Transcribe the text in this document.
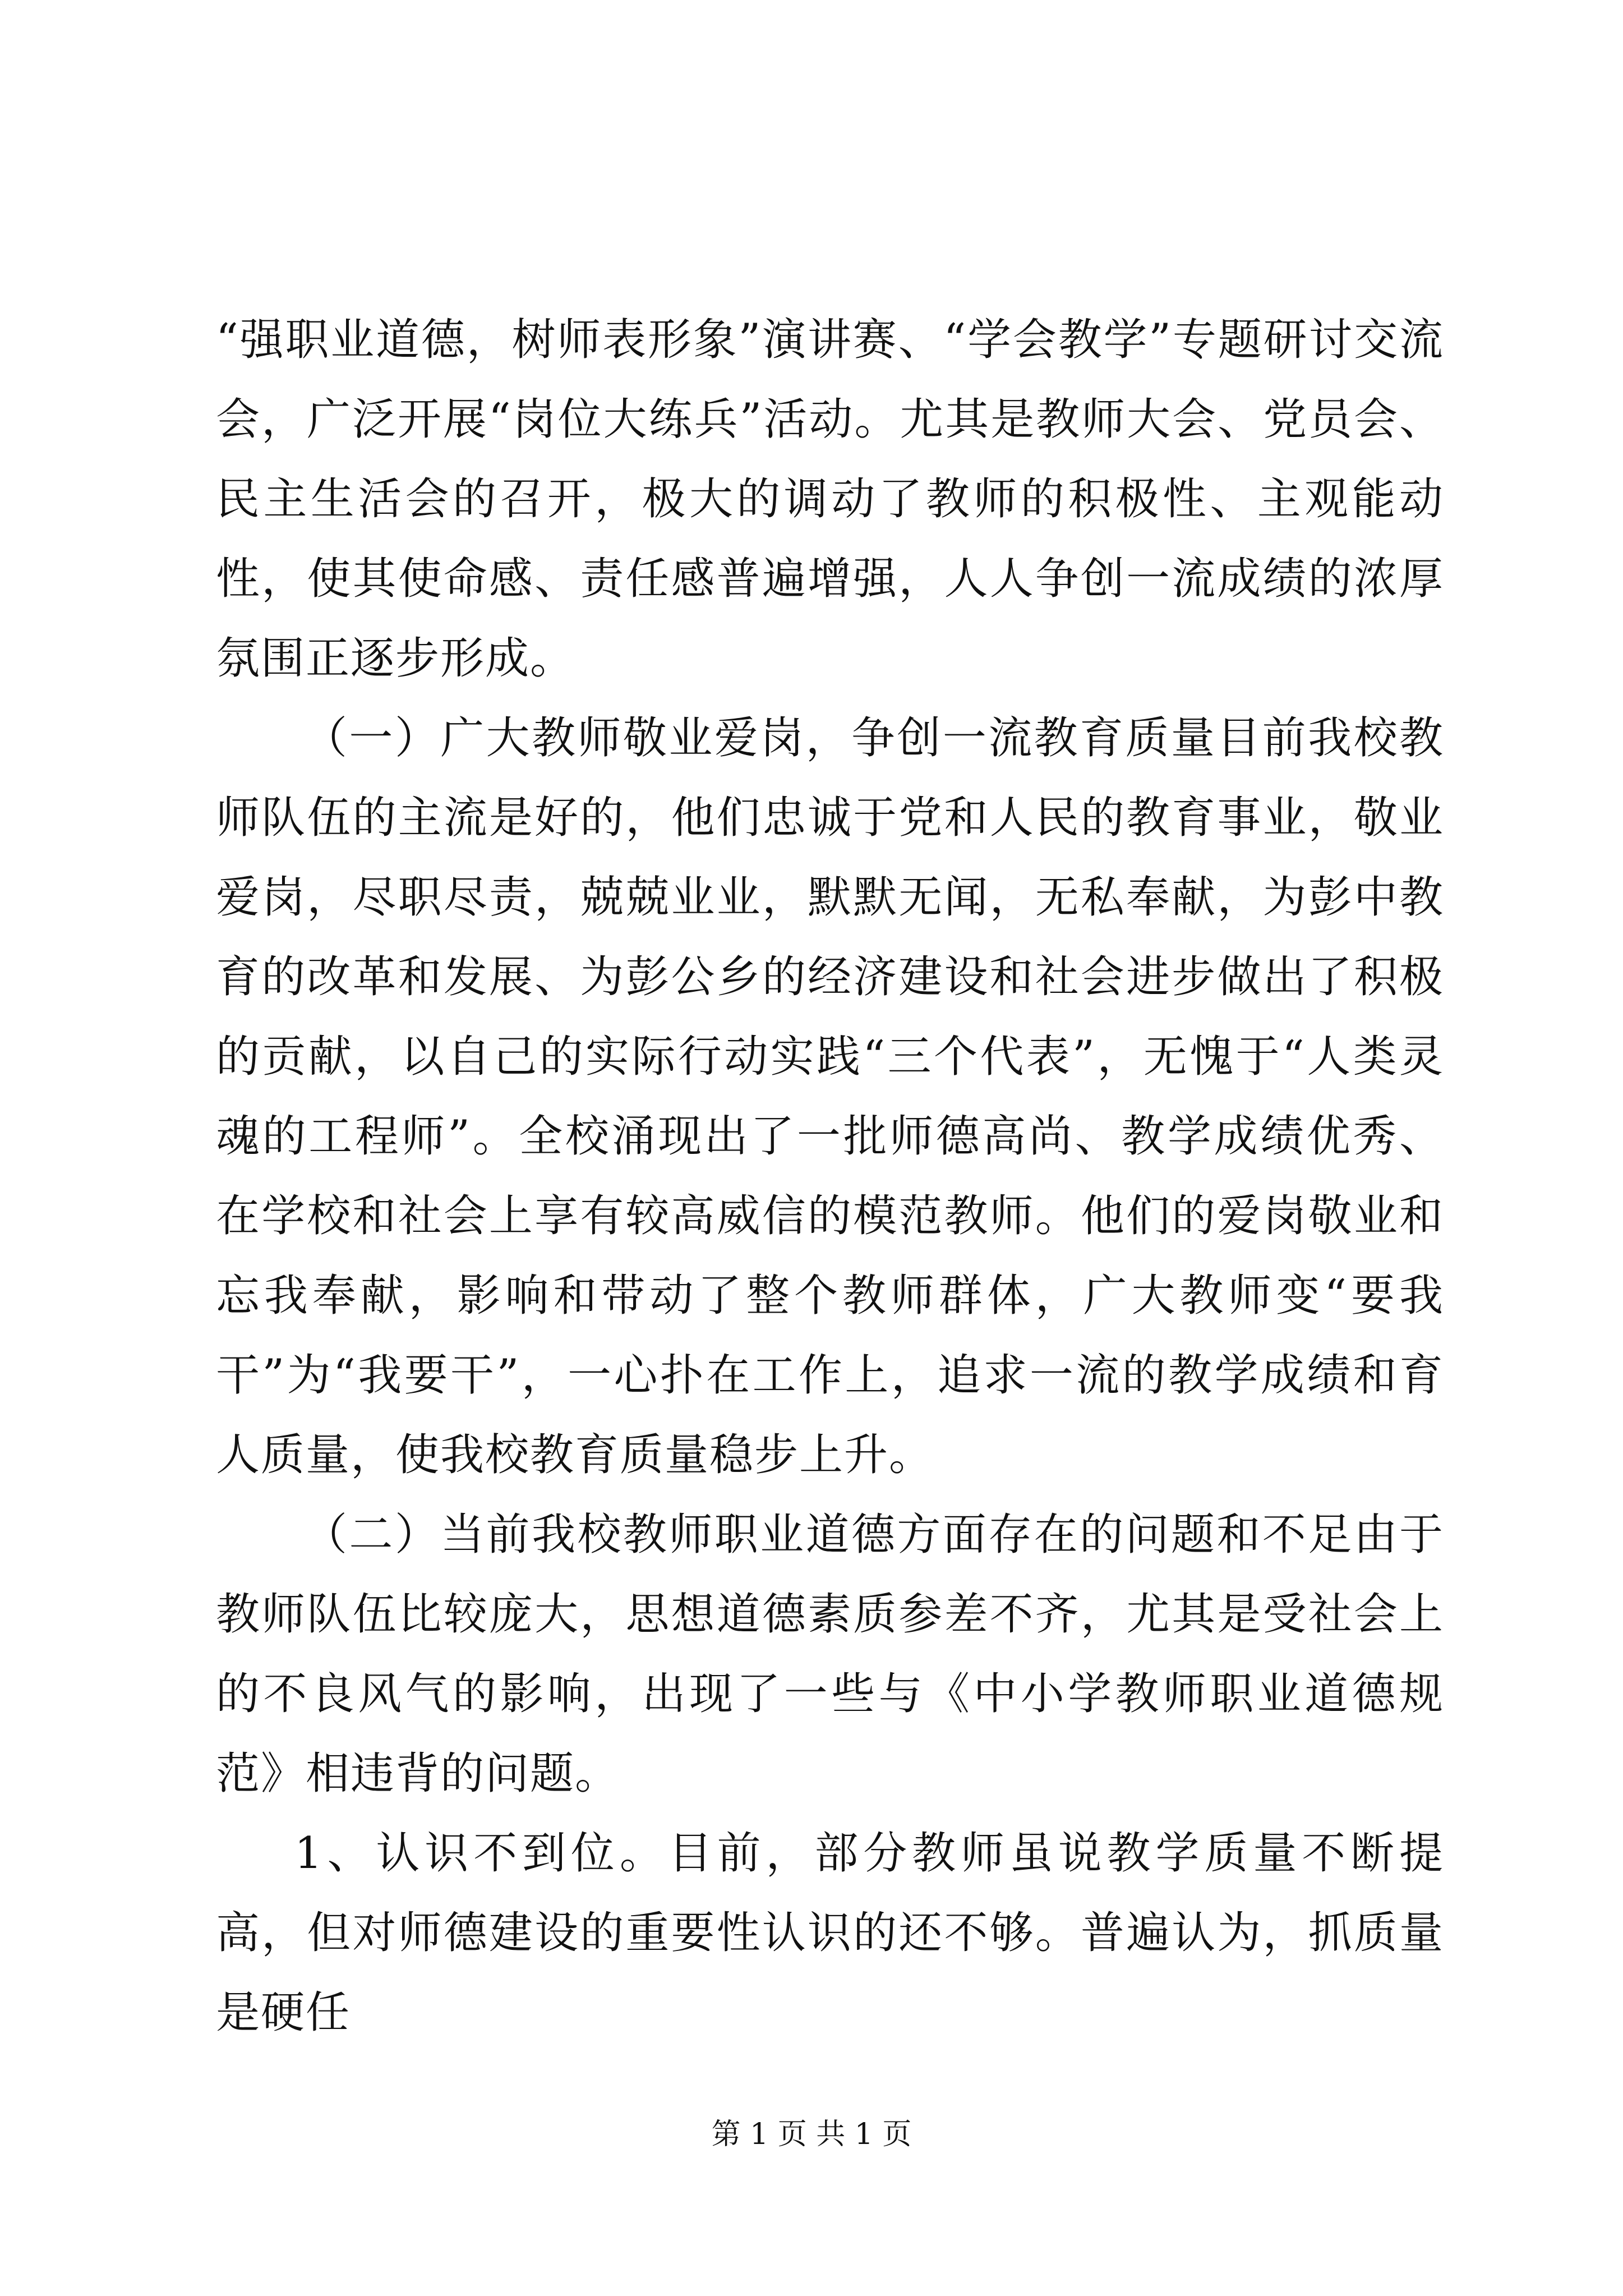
“强职业道德，树师表形象”演讲赛、“学会教学”专题研讨交流会，广泛开展“岗位大练兵”活动。尤其是教师大会、党员会、民主生活会的召开，极大的调动了教师的积极性、主观能动性，使其使命感、责任感普遍增强，人人争创一流成绩的浓厚氛围正逐步形成。

（一）广大教师敬业爱岗，争创一流教育质量目前我校教师队伍的主流是好的，他们忠诚于党和人民的教育事业，敬业爱岗，尽职尽责，兢兢业业，默默无闻，无私奉献，为彭中教育的改革和发展、为彭公乡的经济建设和社会进步做出了积极的贡献，以自己的实际行动实践“三个代表”，无愧于“人类灵魂的工程师”。全校涌现出了一批师德高尚、教学成绩优秀、在学校和社会上享有较高威信的模范教师。他们的爱岗敬业和忘我奉献，影响和带动了整个教师群体，广大教师变“要我干”为“我要干”，一心扑在工作上，追求一流的教学成绩和育人质量，使我校教育质量稳步上升。

（二）当前我校教师职业道德方面存在的问题和不足由于教师队伍比较庞大，思想道德素质参差不齐，尤其是受社会上的不良风气的影响，出现了一些与《中小学教师职业道德规范》相违背的问题。

1、认识不到位。目前，部分教师虽说教学质量不断提高，但对师德建设的重要性认识的还不够。普遍认为，抓质量是硬任

第 1 页 共 1 页
